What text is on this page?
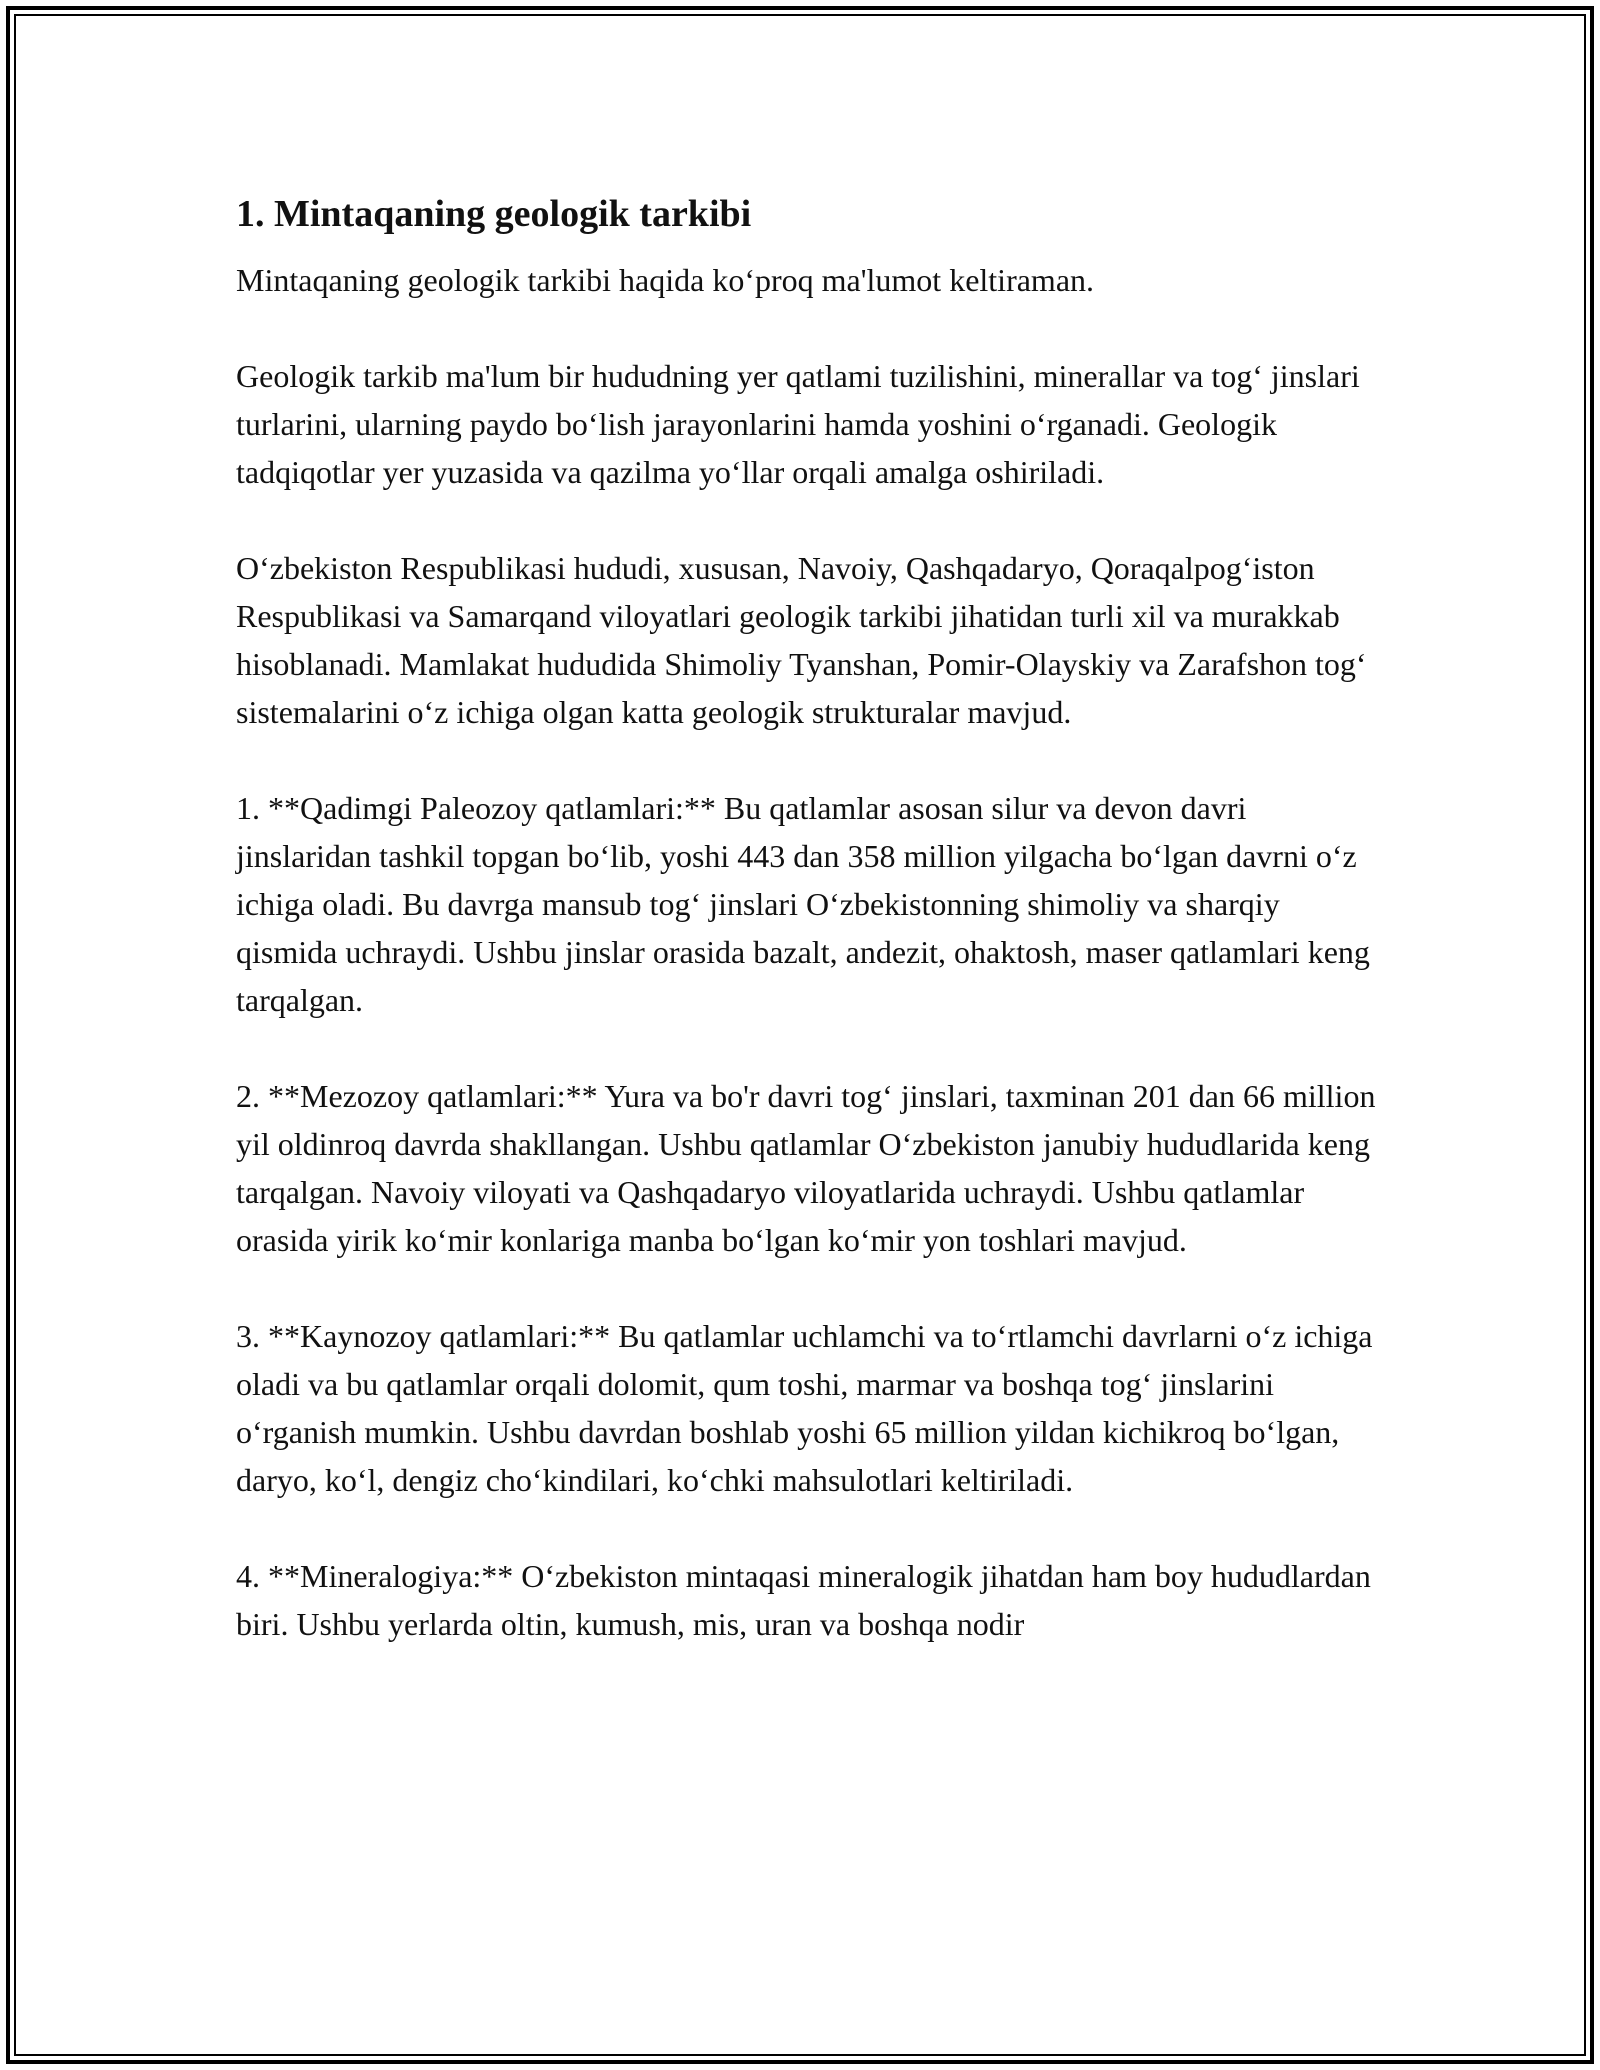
1. Mintaqaning geologik tarkibi

Mintaqaning geologik tarkibi haqida ko‘proq ma'lumot keltiraman.

Geologik tarkib ma'lum bir hududning yer qatlami tuzilishini, minerallar va tog‘ jinslari turlarini, ularning paydo bo‘lish jarayonlarini hamda yoshini o‘rganadi. Geologik tadqiqotlar yer yuzasida va qazilma yo‘llar orqali amalga oshiriladi.

O‘zbekiston Respublikasi hududi, xususan, Navoiy, Qashqadaryo, Qoraqalpog‘iston Respublikasi va Samarqand viloyatlari geologik tarkibi jihatidan turli xil va murakkab hisoblanadi. Mamlakat hududida Shimoliy Tyanshan, Pomir-Olayskiy va Zarafshon tog‘ sistemalarini o‘z ichiga olgan katta geologik strukturalar mavjud.

1. **Qadimgi Paleozoy qatlamlari:** Bu qatlamlar asosan silur va devon davri jinslaridan tashkil topgan bo‘lib, yoshi 443 dan 358 million yilgacha bo‘lgan davrni o‘z ichiga oladi. Bu davrga mansub tog‘ jinslari O‘zbekistonning shimoliy va sharqiy qismida uchraydi. Ushbu jinslar orasida bazalt, andezit, ohaktosh, maser qatlamlari keng tarqalgan.

2. **Mezozoy qatlamlari:** Yura va bo'r davri tog‘ jinslari, taxminan 201 dan 66 million yil oldinroq davrda shakllangan. Ushbu qatlamlar O‘zbekiston janubiy hududlarida keng tarqalgan. Navoiy viloyati va Qashqadaryo viloyatlarida uchraydi. Ushbu qatlamlar orasida yirik ko‘mir konlariga manba bo‘lgan ko‘mir yon toshlari mavjud.

3. **Kaynozoy qatlamlari:** Bu qatlamlar uchlamchi va to‘rtlamchi davrlarni o‘z ichiga oladi va bu qatlamlar orqali dolomit, qum toshi, marmar va boshqa tog‘ jinslarini o‘rganish mumkin. Ushbu davrdan boshlab yoshi 65 million yildan kichikroq bo‘lgan, daryo, ko‘l, dengiz cho‘kindilari, ko‘chki mahsulotlari keltiriladi.

4. **Mineralogiya:** O‘zbekiston mintaqasi mineralogik jihatdan ham boy hududlardan biri. Ushbu yerlarda oltin, kumush, mis, uran va boshqa nodir
